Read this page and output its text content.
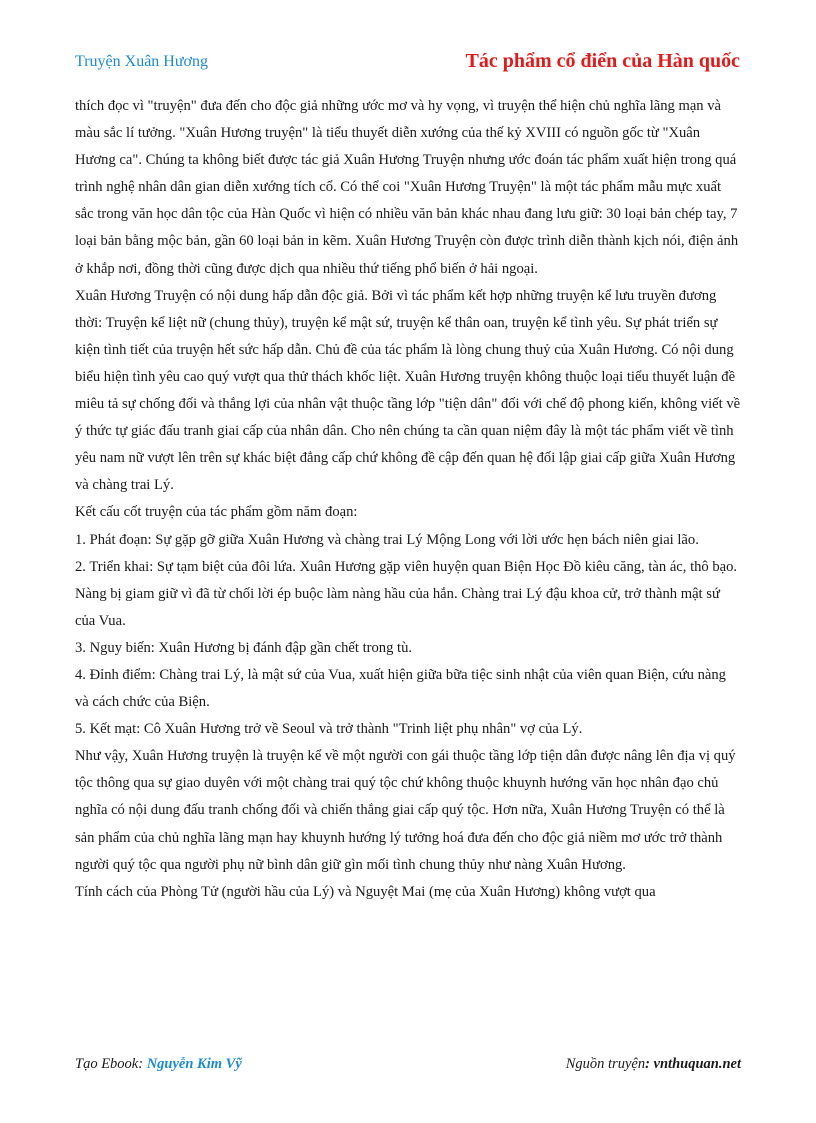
Truyện Xuân Hương	Tác phẩm cổ điển của Hàn quốc

thích đọc vì "truyện" đưa đến cho độc giả những ước mơ và hy vọng, vì truyện thể hiện chủ nghĩa lãng mạn và màu sắc lí tưởng. "Xuân Hương truyện" là tiểu thuyết diễn xướng của thế kỷ XVIII có nguồn gốc từ "Xuân Hương ca". Chúng ta không biết được tác giả Xuân Hương Truyện nhưng ước đoán tác phẩm xuất hiện trong quá trình nghệ nhân dân gian diễn xướng tích cổ. Có thể coi "Xuân Hương Truyện" là một tác phẩm mẫu mực xuất sắc trong văn học dân tộc của Hàn Quốc vì hiện có nhiều văn bản khác nhau đang lưu giữ: 30 loại bản chép tay, 7 loại bản bằng mộc bản, gần 60 loại bản in kẽm. Xuân Hương Truyện còn được trình diễn thành kịch nói, điện ảnh ở khắp nơi, đồng thời cũng được dịch qua nhiều thứ tiếng phổ biến ở hải ngoại.

Xuân Hương Truyện có nội dung hấp dẫn độc giả. Bởi vì tác phẩm kết hợp những truyện kể lưu truyền đương thời: Truyện kể liệt nữ (chung thủy), truyện kể mật sứ, truyện kể thân oan, truyện kể tình yêu. Sự phát triển sự kiện tình tiết của truyện hết sức hấp dẫn. Chủ đề của tác phẩm là lòng chung thuỷ của Xuân Hương. Có nội dung biểu hiện tình yêu cao quý vượt qua thử thách khốc liệt. Xuân Hương truyện không thuộc loại tiểu thuyết luận đề miêu tả sự chống đối và thắng lợi của nhân vật thuộc tầng lớp "tiện dân" đối với chế độ phong kiến, không viết về ý thức tự giác đấu tranh giai cấp của nhân dân. Cho nên chúng ta cần quan niệm đây là một tác phẩm viết về tình yêu nam nữ vượt lên trên sự khác biệt đẳng cấp chứ không đề cập đến quan hệ đối lập giai cấp giữa Xuân Hương và chàng trai Lý.

Kết cấu cốt truyện của tác phẩm gồm năm đoạn:

1. Phát đoạn: Sự gặp gỡ giữa Xuân Hương và chàng trai Lý Mộng Long với lời ước hẹn bách niên giai lão.

2. Triển khai: Sự tạm biệt của đôi lứa. Xuân Hương gặp viên huyện quan Biện Học Đồ kiêu căng, tàn ác, thô bạo. Nàng bị giam giữ vì đã từ chối lời ép buộc làm nàng hầu của hắn. Chàng trai Lý đậu khoa cử, trở thành mật sứ của Vua.

3. Nguy biến: Xuân Hương bị đánh đập gần chết trong tù.

4. Đỉnh điểm: Chàng trai Lý, là mật sứ của Vua, xuất hiện giữa bữa tiệc sinh nhật của viên quan Biện, cứu nàng và cách chức của Biện.

5. Kết mạt: Cô Xuân Hương trở về Seoul và trở thành "Trinh liệt phụ nhân" vợ của Lý.

Như vậy, Xuân Hương truyện là truyện kể về một người con gái thuộc tầng lớp tiện dân được nâng lên địa vị quý tộc thông qua sự giao duyên với một chàng trai quý tộc chứ không thuộc khuynh hướng văn học nhân đạo chủ nghĩa có nội dung đấu tranh chống đối và chiến thắng giai cấp quý tộc. Hơn nữa, Xuân Hương Truyện có thể là sản phẩm của chủ nghĩa lãng mạn hay khuynh hướng lý tưởng hoá đưa đến cho độc giả niềm mơ ước trở thành người quý tộc qua người phụ nữ bình dân giữ gìn mối tình chung thủy như nàng Xuân Hương.

Tính cách của Phòng Tử (người hầu của Lý) và Nguyệt Mai (mẹ của Xuân Hương) không vượt qua

Tạo Ebook: Nguyễn Kim Vỹ	Nguồn truyện: vnthuquan.net
